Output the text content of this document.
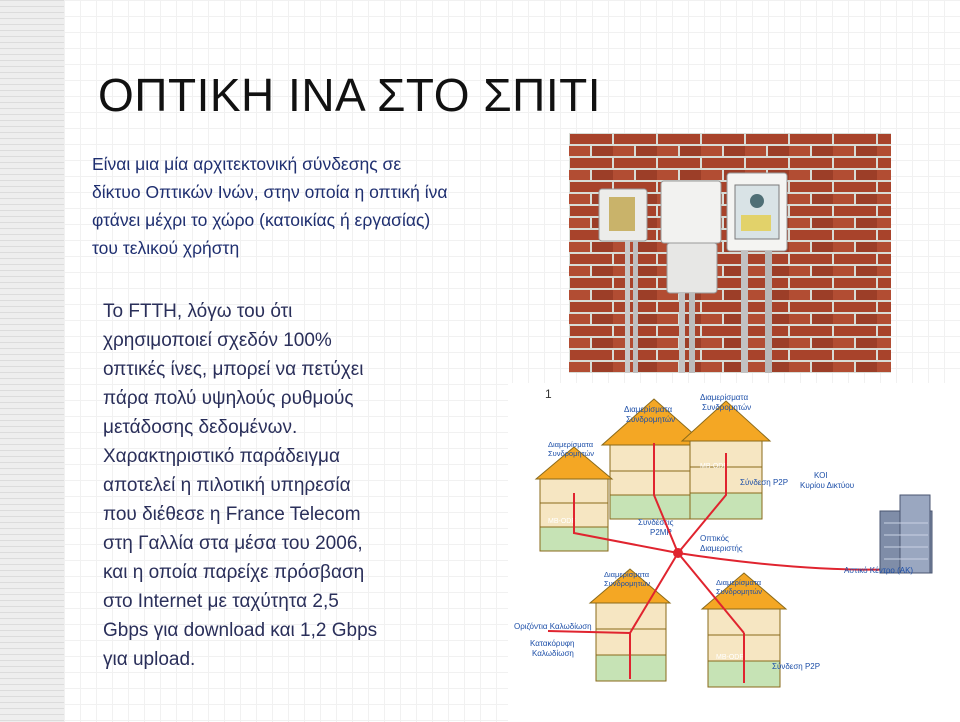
ΟΠΤΙΚΗ ΙΝΑ ΣΤΟ ΣΠΙΤΙ
Είναι μια μία αρχιτεκτονική σύνδεσης σε
δίκτυο Οπτικών Ινών, στην οποία η οπτική ίνα
φτάνει μέχρι το χώρο (κατοικίας ή εργασίας)
του τελικού χρήστη
Το FTTH, λόγω του ότι
χρησιμοποιεί σχεδόν 100%
οπτικές ίνες, μπορεί να πετύχει
πάρα πολύ υψηλούς ρυθμούς
μετάδοσης δεδομένων.
Χαρακτηριστικό παράδειγμα
αποτελεί η πιλοτική υπηρεσία
που διέθεσε η France Telecom
στη Γαλλία στα μέσα του 2006,
και η οποία παρείχε πρόσβαση
στο Internet με ταχύτητα 2,5
Gbps για download και 1,2 Gbps
για upload.
1
Διαμερίσματα
Συνδρομητών
Διαμερίσματα
Συνδρομητών
MB-ODF
Σύνδεση P2P
Διαμερίσματα
Συνδρομητών
MB-ODF	Συνδέσεις
P2MP
Διαμερίσματα
Συνδρομητών	Διαμερίσματα
Συνδρομητών
MB-ODF
Σύνδεση P2P
Οπτικός
Διαμεριστής
ΚΟΙ
Κυρίου Δικτύου
Αστικό Κέντρο (ΑΚ)
Οριζόντια Καλωδίωση
Κατακόρυφη
Καλωδίωση
